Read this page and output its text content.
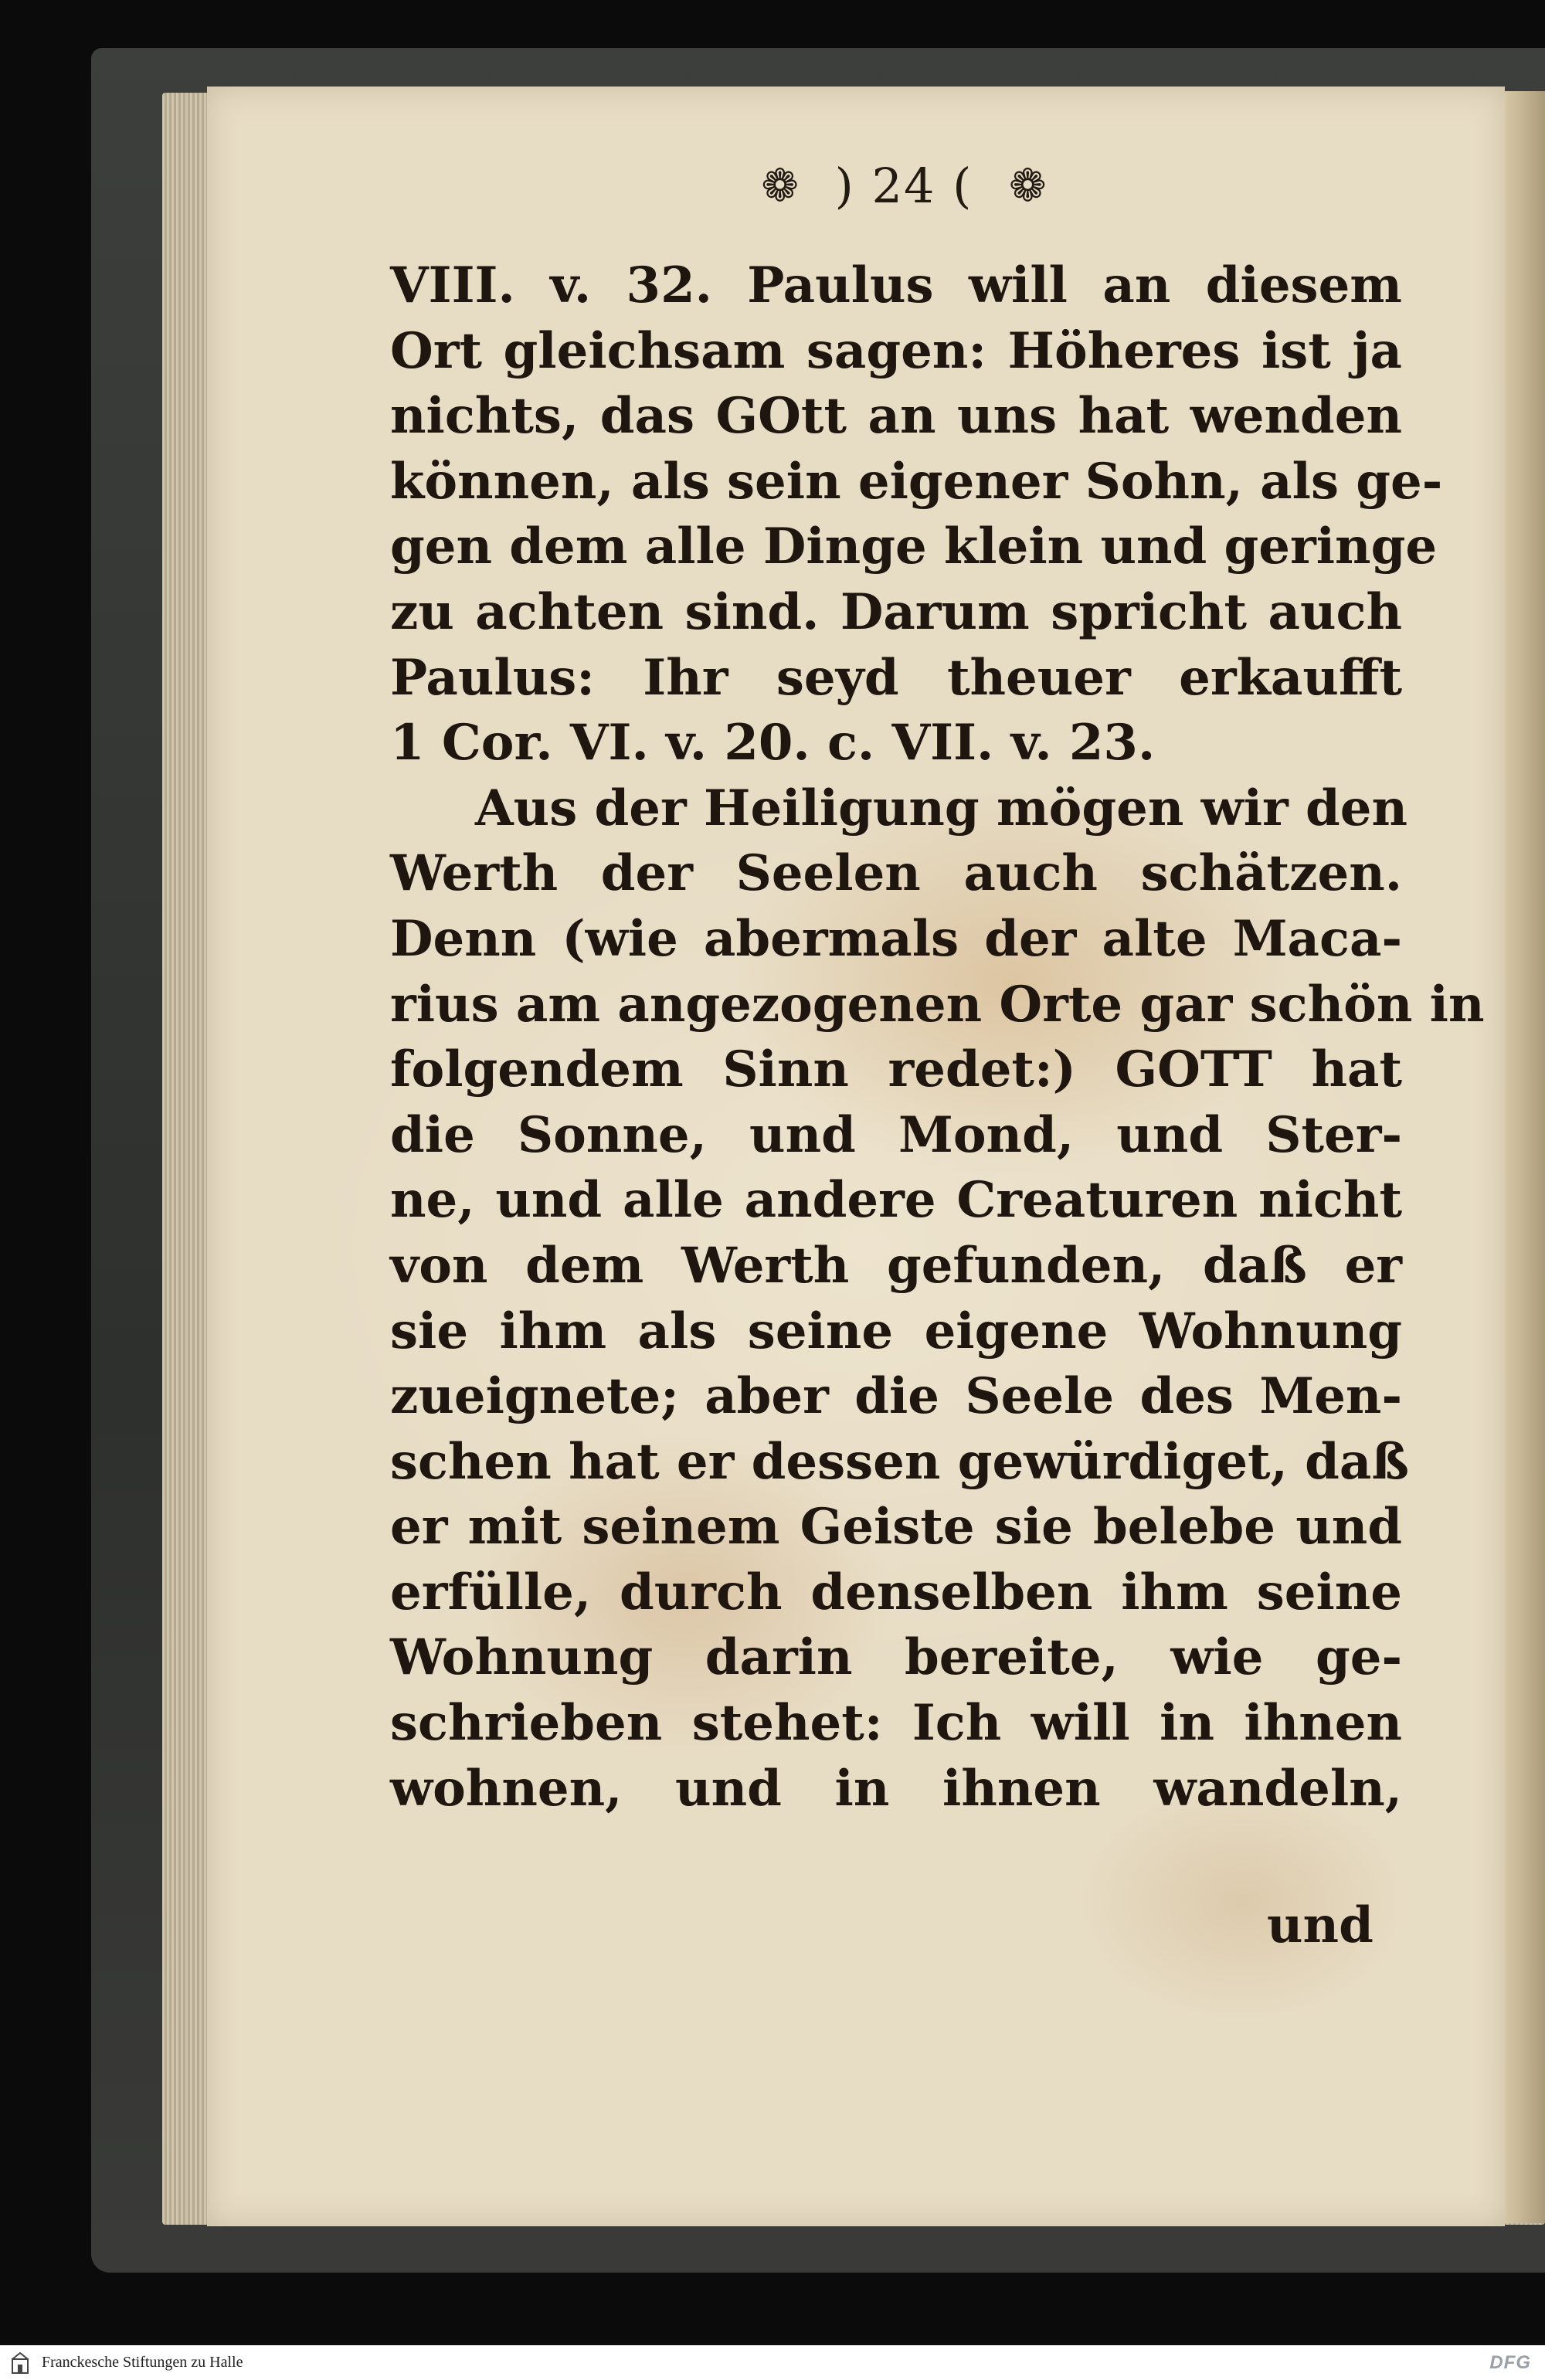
❁ ) 24 ( ❁
VIII. v. 32. Paulus will an diesem
Ort gleichsam sagen: Höheres ist ja
nichts, das GOtt an uns hat wenden
können, als sein eigener Sohn, als ge-
gen dem alle Dinge klein und geringe
zu achten sind. Darum spricht auch
Paulus: Ihr seyd theuer erkaufft
1 Cor. VI. v. 20. c. VII. v. 23.
Aus der Heiligung mögen wir den
Werth der Seelen auch schätzen.
Denn (wie abermals der alte Maca-
rius am angezogenen Orte gar schön in
folgendem Sinn redet:) GOTT hat
die Sonne, und Mond, und Ster-
ne, und alle andere Creaturen nicht
von dem Werth gefunden, daß er
sie ihm als seine eigene Wohnung
zueignete; aber die Seele des Men-
schen hat er dessen gewürdiget, daß
er mit seinem Geiste sie belebe und
erfülle, durch denselben ihm seine
Wohnung darin bereite, wie ge-
schrieben stehet: Ich will in ihnen
wohnen, und in ihnen wandeln,
und
Franckesche Stiftungen zu Halle	DFG
